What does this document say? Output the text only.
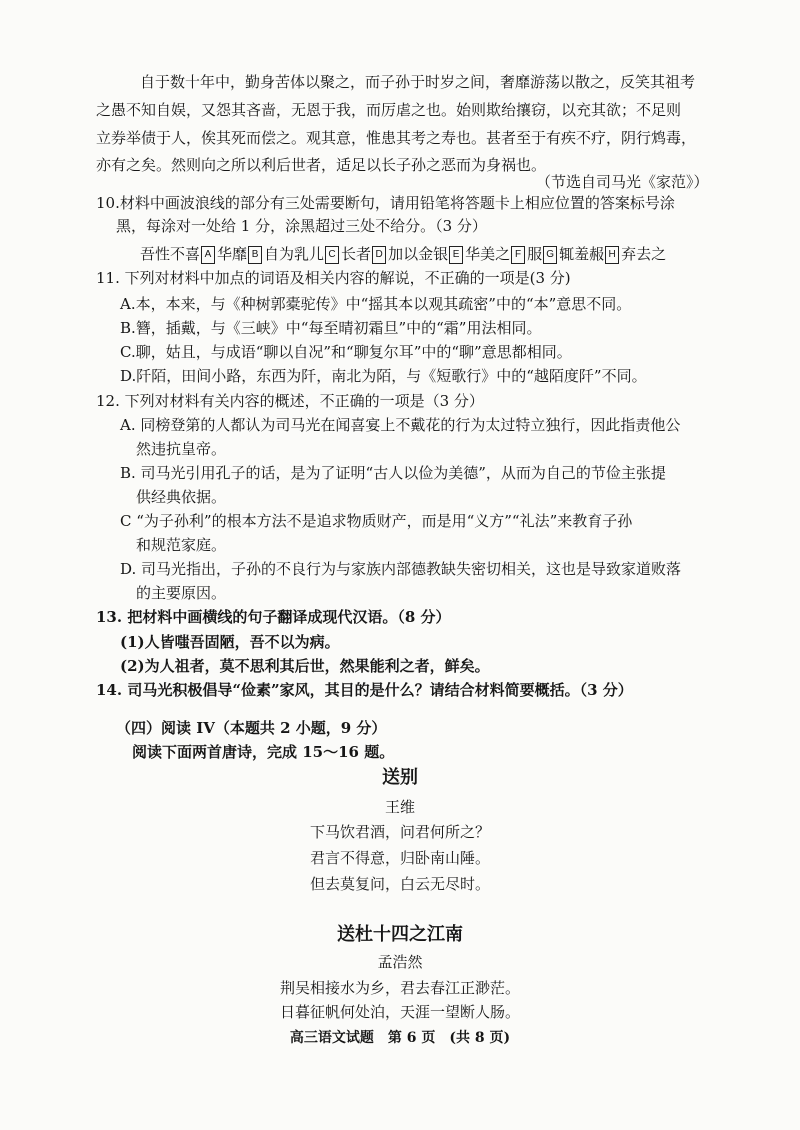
自于数十年中，勤身苦体以聚之，而子孙于时岁之间，奢靡游荡以散之，反笑其祖考
之愚不知自娱，又怨其吝啬，无恩于我，而厉虐之也。始则欺绐攘窃，以充其欲；不足则
立券举债于人，俟其死而偿之。观其意，惟患其考之寿也。甚者至于有疾不疗，阴行鸩毒，
亦有之矣。然则向之所以利后世者，适足以长子孙之恶而为身祸也。
（节选自司马光《家范》）
10.材料中画波浪线的部分有三处需要断句，请用铅笔将答题卡上相应位置的答案标号涂
黑，每涂对一处给 1 分，涂黑超过三处不给分。（3 分）
吾性不喜 A 华靡 B 自为乳儿 C 长者 D 加以金银 E 华美之 F 服 G 辄羞赧 H 弃去之
11. 下列对材料中加点的词语及相关内容的解说，不正确的一项是(3 分)
A.本，本来，与《种树郭橐驼传》中“摇其本以观其疏密”中的“本”意思不同。
B.簪，插戴，与《三峡》中“每至晴初霜旦”中的“霜”用法相同。
C.聊，姑且，与成语“聊以自况”和“聊复尔耳”中的“聊”意思都相同。
D.阡陌，田间小路，东西为阡，南北为陌，与《短歌行》中的“越陌度阡”不同。
12. 下列对材料有关内容的概述，不正确的一项是（3 分）
A. 同榜登第的人都认为司马光在闻喜宴上不戴花的行为太过特立独行，因此指责他公
然违抗皇帝。
B. 司马光引用孔子的话，是为了证明“古人以俭为美德”，从而为自己的节俭主张提
供经典依据。
C “为子孙利”的根本方法不是追求物质财产，而是用“义方”“礼法”来教育子孙
和规范家庭。
D. 司马光指出，子孙的不良行为与家族内部德教缺失密切相关，这也是导致家道败落
的主要原因。
13. 把材料中画横线的句子翻译成现代汉语。（8 分）
(1)人皆嗤吾固陋，吾不以为病。
(2)为人祖者，莫不思利其后世，然果能利之者，鲜矣。
14. 司马光积极倡导“俭素”家风，其目的是什么？请结合材料简要概括。（3 分）
（四）阅读 IV（本题共 2 小题，9 分）
阅读下面两首唐诗，完成 15～16 题。
送别
王维
下马饮君酒，问君何所之？
君言不得意，归卧南山陲。
但去莫复问，白云无尽时。
送杜十四之江南
孟浩然
荆吴相接水为乡，君去春江正渺茫。
日暮征帆何处泊，天涯一望断人肠。
高三语文试题　第 6 页　(共 8 页)
